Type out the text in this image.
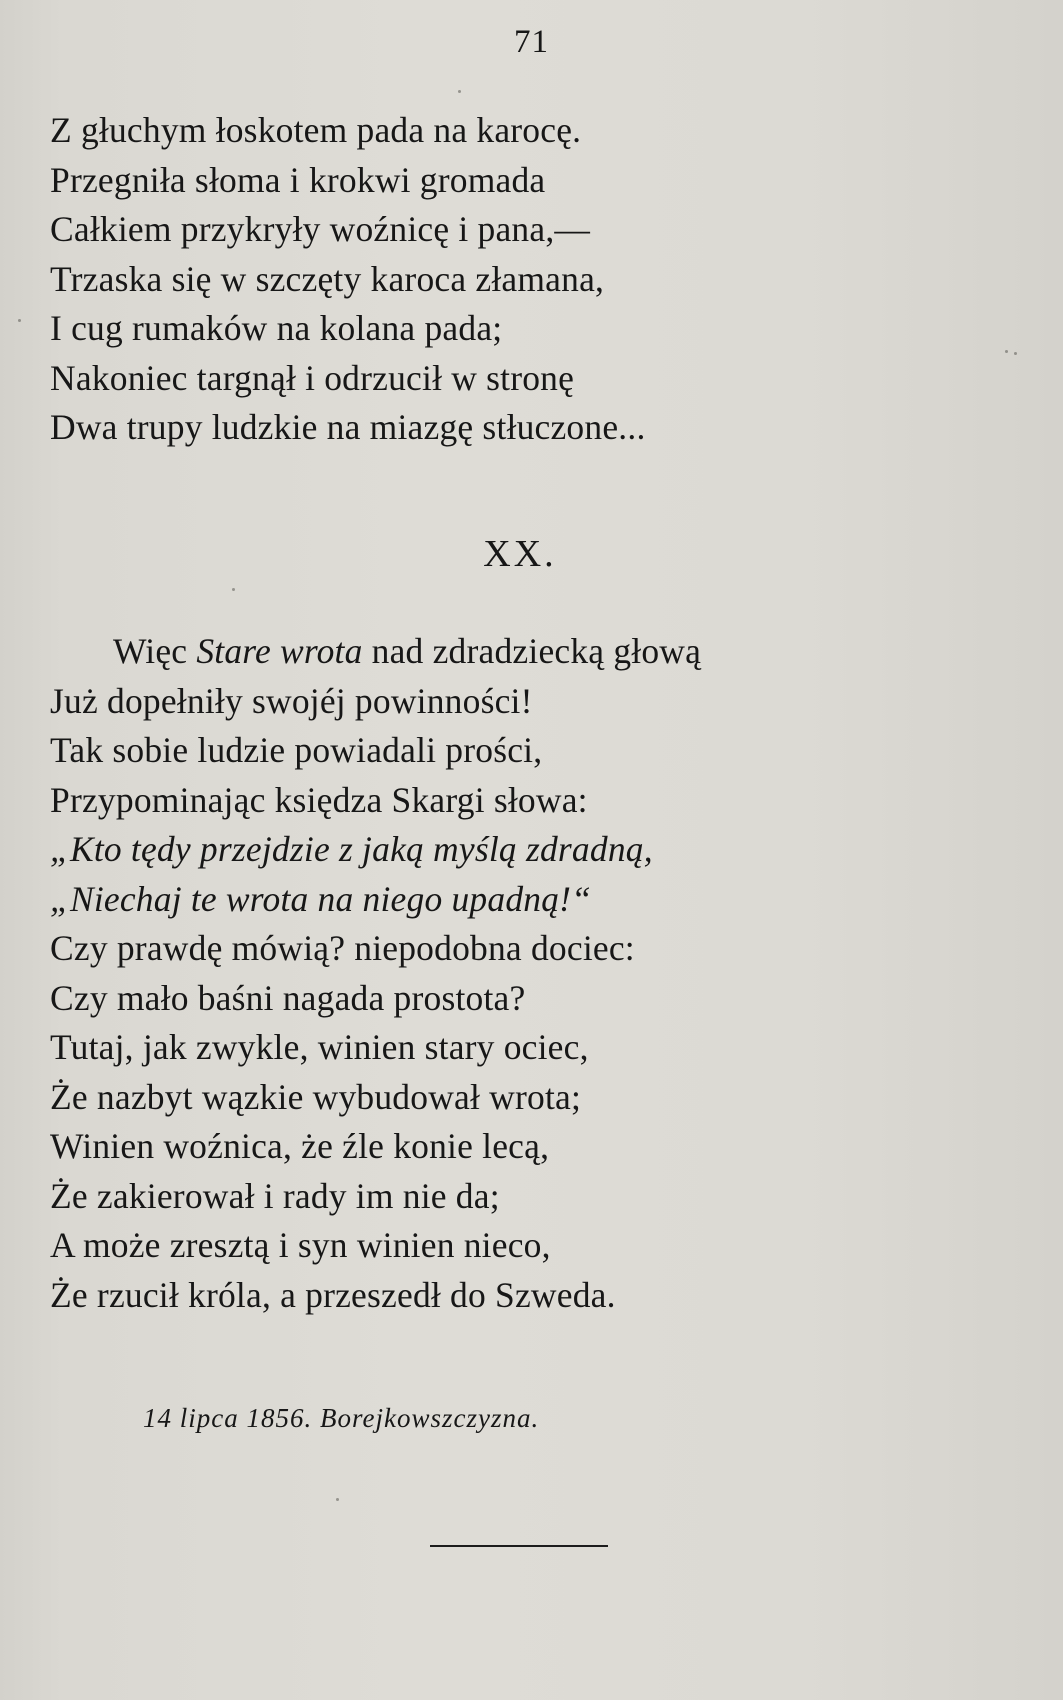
71
Z głuchym łoskotem pada na karocę.
Przegniła słoma i krokwi gromada
Całkiem przykryły woźnicę i pana,—
Trzaska się w szczęty karoca złamana,
I cug rumaków na kolana pada;
Nakoniec targnął i odrzucił w stronę
Dwa trupy ludzkie na miazgę stłuczone...
XX.
Więc Stare wrota nad zdradziecką głową
Już dopełniły swojéj powinności!
Tak sobie ludzie powiadali prości,
Przypominając księdza Skargi słowa:
„Kto tędy przejdzie z jaką myślą zdradną,
„Niechaj te wrota na niego upadną!“
Czy prawdę mówią? niepodobna dociec:
Czy mało baśni nagada prostota?
Tutaj, jak zwykle, winien stary ociec,
Że nazbyt wązkie wybudował wrota;
Winien woźnica, że źle konie lecą,
Że zakierował i rady im nie da;
A może zresztą i syn winien nieco,
Że rzucił króla, a przeszedł do Szweda.
14 lipca 1856. Borejkowszczyzna.
